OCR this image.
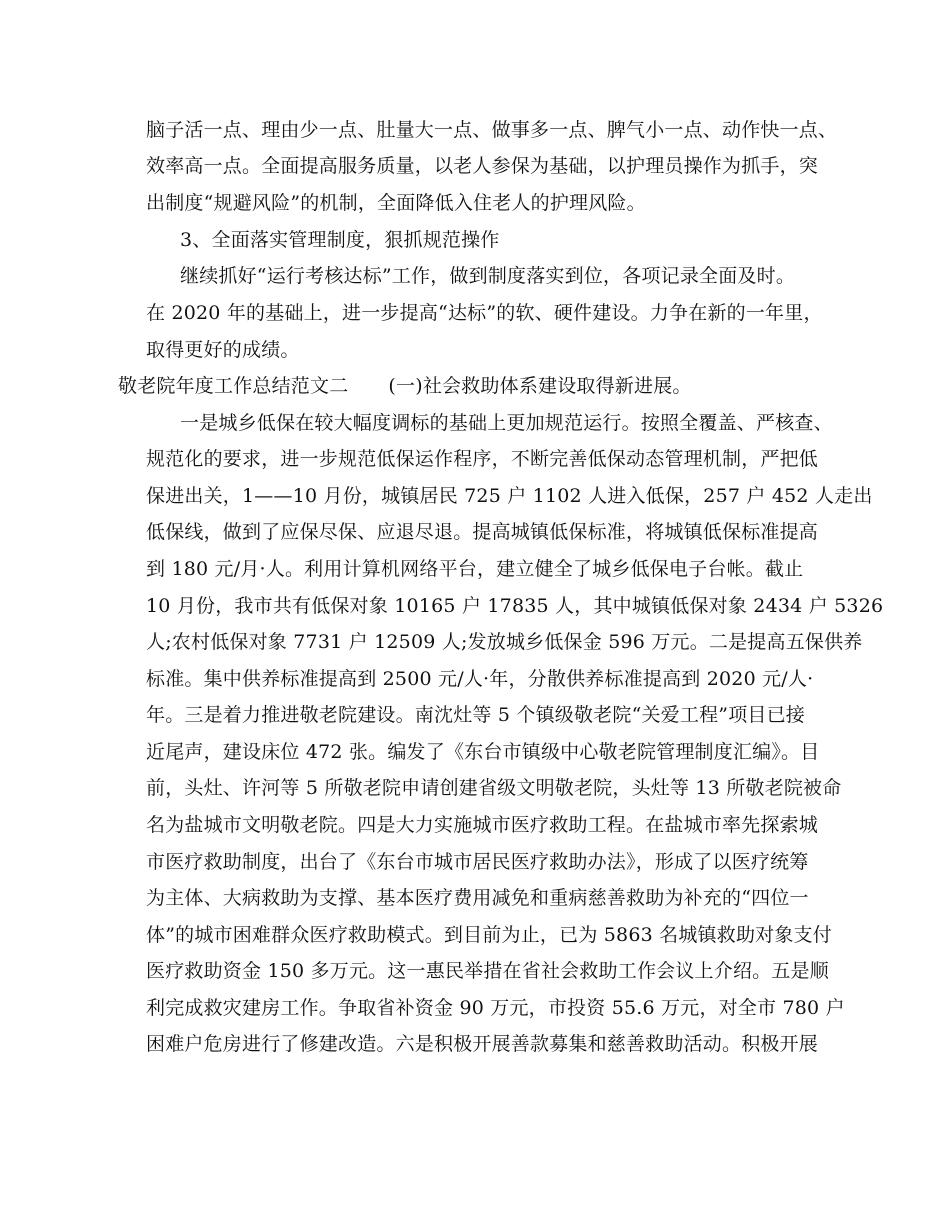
脑子活一点、理由少一点、肚量大一点、做事多一点、脾气小一点、动作快一点、
效率高一点。全面提高服务质量，以老人参保为基础，以护理员操作为抓手，突
出制度“规避风险”的机制，全面降低入住老人的护理风险。
3、全面落实管理制度，狠抓规范操作
继续抓好“运行考核达标”工作，做到制度落实到位，各项记录全面及时。
在 2020 年的基础上，进一步提高“达标”的软、硬件建设。力争在新的一年里，
取得更好的成绩。
敬老院年度工作总结范文二 (一)社会救助体系建设取得新进展。
一是城乡低保在较大幅度调标的基础上更加规范运行。按照全覆盖、严核查、
规范化的要求，进一步规范低保运作程序，不断完善低保动态管理机制，严把低
保进出关，1——10 月份，城镇居民 725 户 1102 人进入低保，257 户 452 人走出
低保线，做到了应保尽保、应退尽退。提高城镇低保标准，将城镇低保标准提高
到 180 元/月·人。利用计算机网络平台，建立健全了城乡低保电子台帐。截止
10 月份，我市共有低保对象 10165 户 17835 人，其中城镇低保对象 2434 户 5326
人;农村低保对象 7731 户 12509 人;发放城乡低保金 596 万元。二是提高五保供养
标准。集中供养标准提高到 2500 元/人·年，分散供养标准提高到 2020 元/人·
年。三是着力推进敬老院建设。南沈灶等 5 个镇级敬老院“关爱工程”项目已接
近尾声，建设床位 472 张。编发了《东台市镇级中心敬老院管理制度汇编》。目
前，头灶、许河等 5 所敬老院申请创建省级文明敬老院，头灶等 13 所敬老院被命
名为盐城市文明敬老院。四是大力实施城市医疗救助工程。在盐城市率先探索城
市医疗救助制度，出台了《东台市城市居民医疗救助办法》，形成了以医疗统筹
为主体、大病救助为支撑、基本医疗费用减免和重病慈善救助为补充的“四位一
体”的城市困难群众医疗救助模式。到目前为止，已为 5863 名城镇救助对象支付
医疗救助资金 150 多万元。这一惠民举措在省社会救助工作会议上介绍。五是顺
利完成救灾建房工作。争取省补资金 90 万元，市投资 55.6 万元，对全市 780 户
困难户危房进行了修建改造。六是积极开展善款募集和慈善救助活动。积极开展
